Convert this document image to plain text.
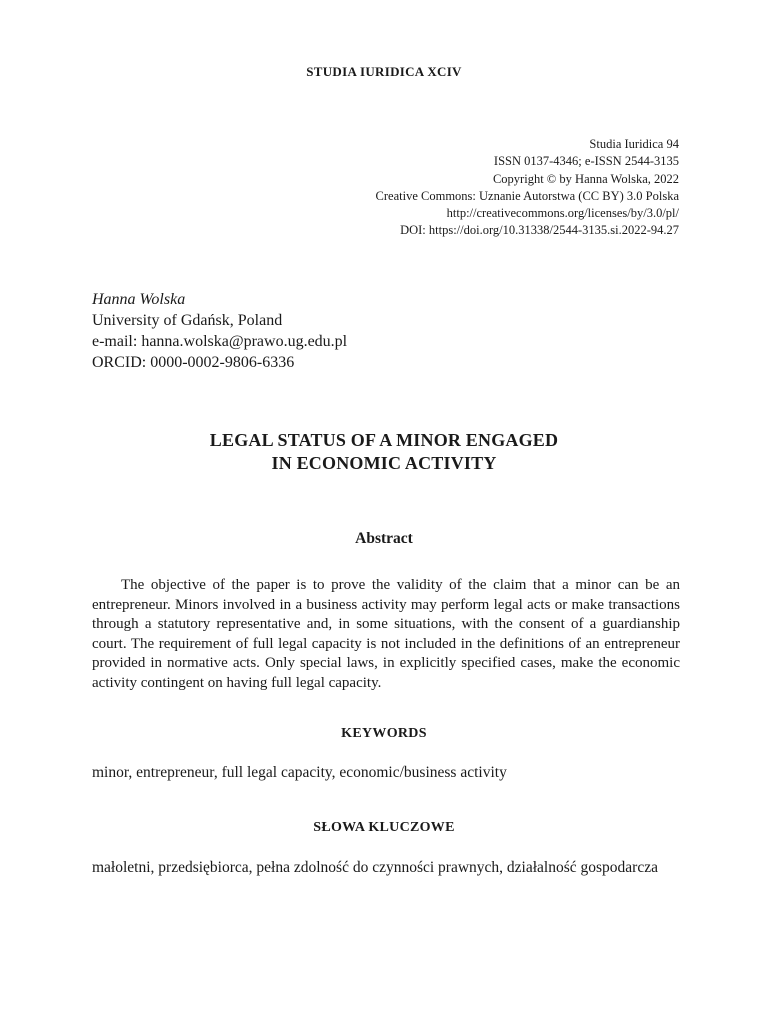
STUDIA IURIDICA XCIV
Studia Iuridica 94
ISSN 0137-4346; e-ISSN 2544-3135
Copyright © by Hanna Wolska, 2022
Creative Commons: Uznanie Autorstwa (CC BY) 3.0 Polska
http://creativecommons.org/licenses/by/3.0/pl/
DOI: https://doi.org/10.31338/2544-3135.si.2022-94.27
Hanna Wolska
University of Gdańsk, Poland
e-mail: hanna.wolska@prawo.ug.edu.pl
ORCID: 0000-0002-9806-6336
LEGAL STATUS OF A MINOR ENGAGED
IN ECONOMIC ACTIVITY
Abstract

The objective of the paper is to prove the validity of the claim that a minor can be an entrepreneur. Minors involved in a business activity may perform legal acts or make transactions through a statutory representative and, in some situations, with the consent of a guardianship court. The requirement of full legal capacity is not included in the definitions of an entrepreneur provided in normative acts. Only special laws, in explicitly specified cases, make the economic activity contingent on having full legal capacity.

KEYWORDS

minor, entrepreneur, full legal capacity, economic/business activity

SŁOWA KLUCZOWE

małoletni, przedsiębiorca, pełna zdolność do czynności prawnych, działalność gospodarcza
